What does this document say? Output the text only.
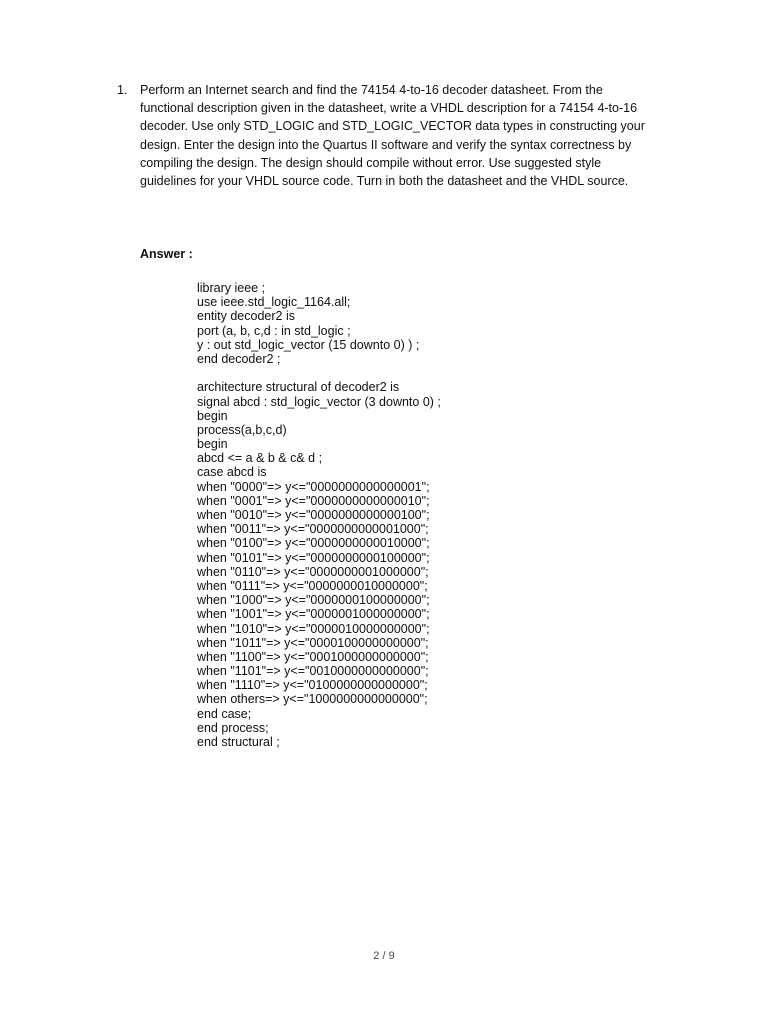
1. Perform an Internet search and find the 74154 4-to-16 decoder datasheet. From the functional description given in the datasheet, write a VHDL description for a 74154 4-to-16 decoder. Use only STD_LOGIC and STD_LOGIC_VECTOR data types in constructing your design. Enter the design into the Quartus II software and verify the syntax correctness by compiling the design. The design should compile without error. Use suggested style guidelines for your VHDL source code. Turn in both the datasheet and the VHDL source.

Answer :

library ieee ;
use ieee.std_logic_1164.all;
entity decoder2 is
port (a, b, c,d : in std_logic ;
y : out std_logic_vector (15 downto 0) ) ;
end decoder2 ;
architecture structural of decoder2 is
signal abcd : std_logic_vector (3 downto 0) ;
begin
process(a,b,c,d)
begin
abcd <= a & b & c& d ;
case abcd is
when "0000"=> y<="0000000000000001";
when "0001"=> y<="0000000000000010";
when "0010"=> y<="0000000000000100";
when "0011"=> y<="0000000000001000";
when "0100"=> y<="0000000000010000";
when "0101"=> y<="0000000000100000";
when "0110"=> y<="0000000001000000";
when "0111"=> y<="0000000010000000";
when "1000"=> y<="0000000100000000";
when "1001"=> y<="0000001000000000";
when "1010"=> y<="0000010000000000";
when "1011"=> y<="0000100000000000";
when "1100"=> y<="0001000000000000";
when "1101"=> y<="0010000000000000";
when "1110"=> y<="0100000000000000";
when others=> y<="1000000000000000";
end case;
end process;
end structural ;
2 / 9
